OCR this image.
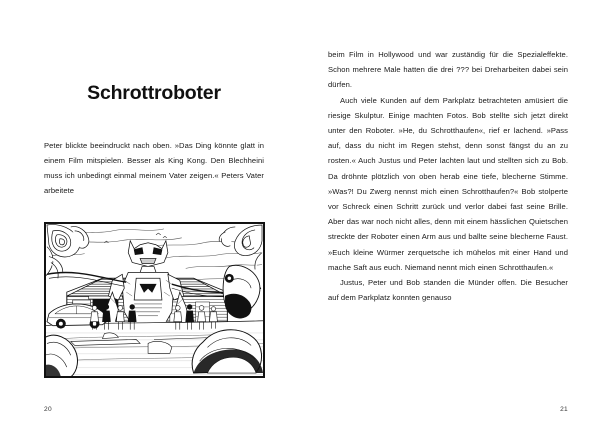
Schrottroboter

Peter blickte beeindruckt nach oben. »Das Ding könnte glatt in einem Film mitspielen. Besser als King Kong. Den Blechheini muss ich unbedingt einmal meinem Vater zeigen.« Peters Vater arbeitete

20

beim Film in Hollywood und war zuständig für die Spezialeffekte. Schon mehrere Male hatten die drei ??? bei Dreharbeiten dabei sein dürfen.

Auch viele Kunden auf dem Parkplatz betrachteten amüsiert die riesige Skulptur. Einige machten Fotos. Bob stellte sich jetzt direkt unter den Roboter. »He, du Schrotthaufen«, rief er lachend. »Pass auf, dass du nicht im Regen stehst, denn sonst fängst du an zu rosten.« Auch Justus und Peter lachten laut und stellten sich zu Bob. Da dröhnte plötzlich von oben herab eine tiefe, blecherne Stimme. »Was?! Du Zwerg nennst mich einen Schrotthaufen?« Bob stolperte vor Schreck einen Schritt zurück und verlor dabei fast seine Brille. Aber das war noch nicht alles, denn mit einem hässlichen Quietschen streckte der Roboter einen Arm aus und ballte seine blecherne Faust. »Euch kleine Würmer zerquetsche ich mühelos mit einer Hand und mache Saft aus euch. Niemand nennt mich einen Schrotthaufen.«

Justus, Peter und Bob standen die Münder offen. Die Besucher auf dem Parkplatz konnten genauso

21
